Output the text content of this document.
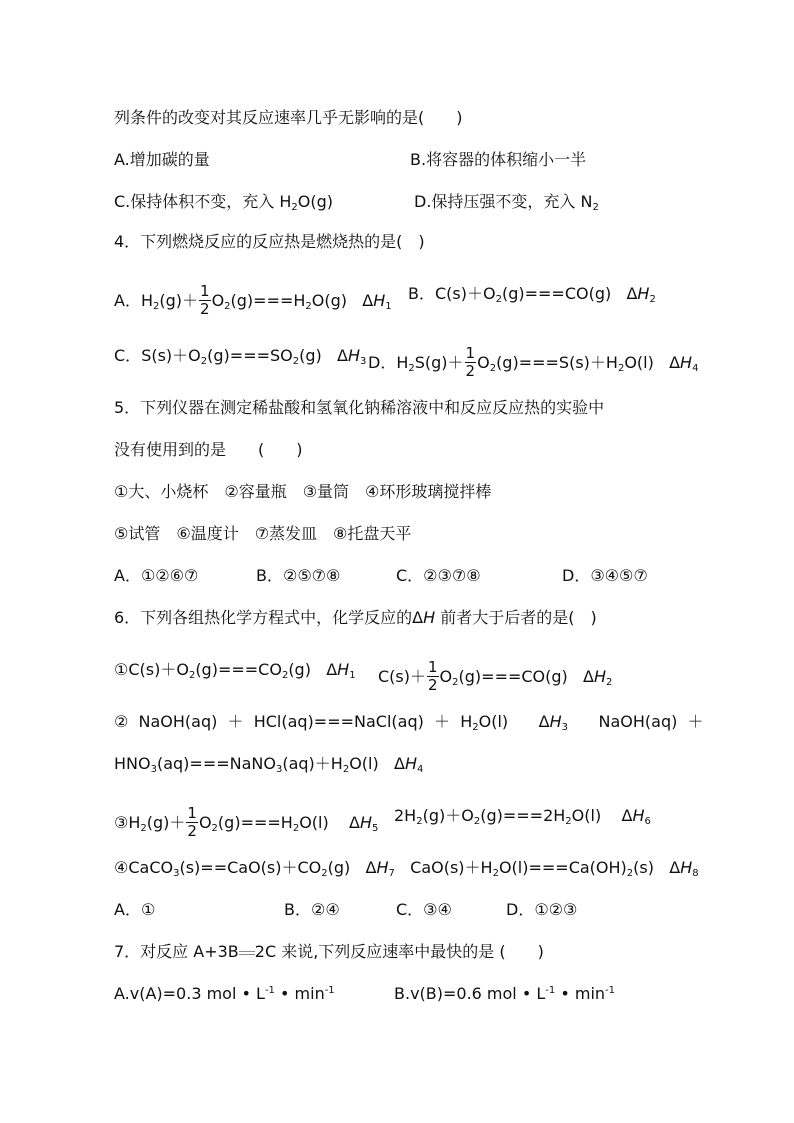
列条件的改变对其反应速率几乎无影响的是(　　)
A.增加碳的量	B.将容器的体积缩小一半
C.保持体积不变，充入 $H_2O(g)$	D.保持压强不变，充入 $N_2$
4．下列燃烧反应的反应热是燃烧热的是(　)
A．$H_2(g)+ \frac{1}{2} O_2(g)===H_2O(g)$   $\Delta H_1$
B．$C(s)+O_2(g)===CO(g)$   $\Delta H_2$
C．$S(s)+O_2(g)===SO_2(g)$   $\Delta H_3$ D．$H_2S(g)+ \frac{1}{2} O_2(g)===S(s)+H_2O(l)$   $\Delta H_4$
5．下列仪器在测定稀盐酸和氢氧化钠稀溶液中和反应反应热的实验中
没有使用到的是　　(　　)
①大、小烧杯　②容量瓶　③量筒　④环形玻璃搅拌棒
⑤试管　⑥温度计　⑦蒸发皿　⑧托盘天平
A．①②⑥⑦	B．②⑤⑦⑧	C．②③⑦⑧	D．③④⑤⑦
6．下列各组热化学方程式中，化学反应的ΔH 前者大于后者的是(　)
$①C(s)+O_2(g)===CO_2(g)$   $\Delta H_1$ $C(s)+ \frac{1}{2} O_2(g)===CO(g)$   $\Delta H_2$
②  NaOH(aq)  ＋  HCl(aq)===NaCl(aq)  ＋  $H_2O(l)$      $\Delta H_3$      NaOH(aq)  ＋
$HNO_3(aq)===NaNO_3(aq)+H_2O(l)$   $\Delta H_4$
$③H_2(g)+ \frac{1}{2} O_2(g)===H_2O(l)$    $\Delta H_5$
$2H_2(g)+O_2(g)===2H_2O(l)$    $\Delta H_6$
$④CaCO_3(s)==CaO(s)+CO_2(g)$   $\Delta H_7$   $CaO(s)+H_2O(l)===Ca(OH)_2(s)$   $\Delta H_8$
A．①	B．②④	C．③④	D．①②③
7．对反应 A+3B 2C 来说,下列反应速率中最快的是 (　　)
A.v(A)=0.3 mol • $L^{-1}$ • $\min^{-1}$	B.v(B)=0.6 mol • $L^{-1}$ • $\min^{-1}$
